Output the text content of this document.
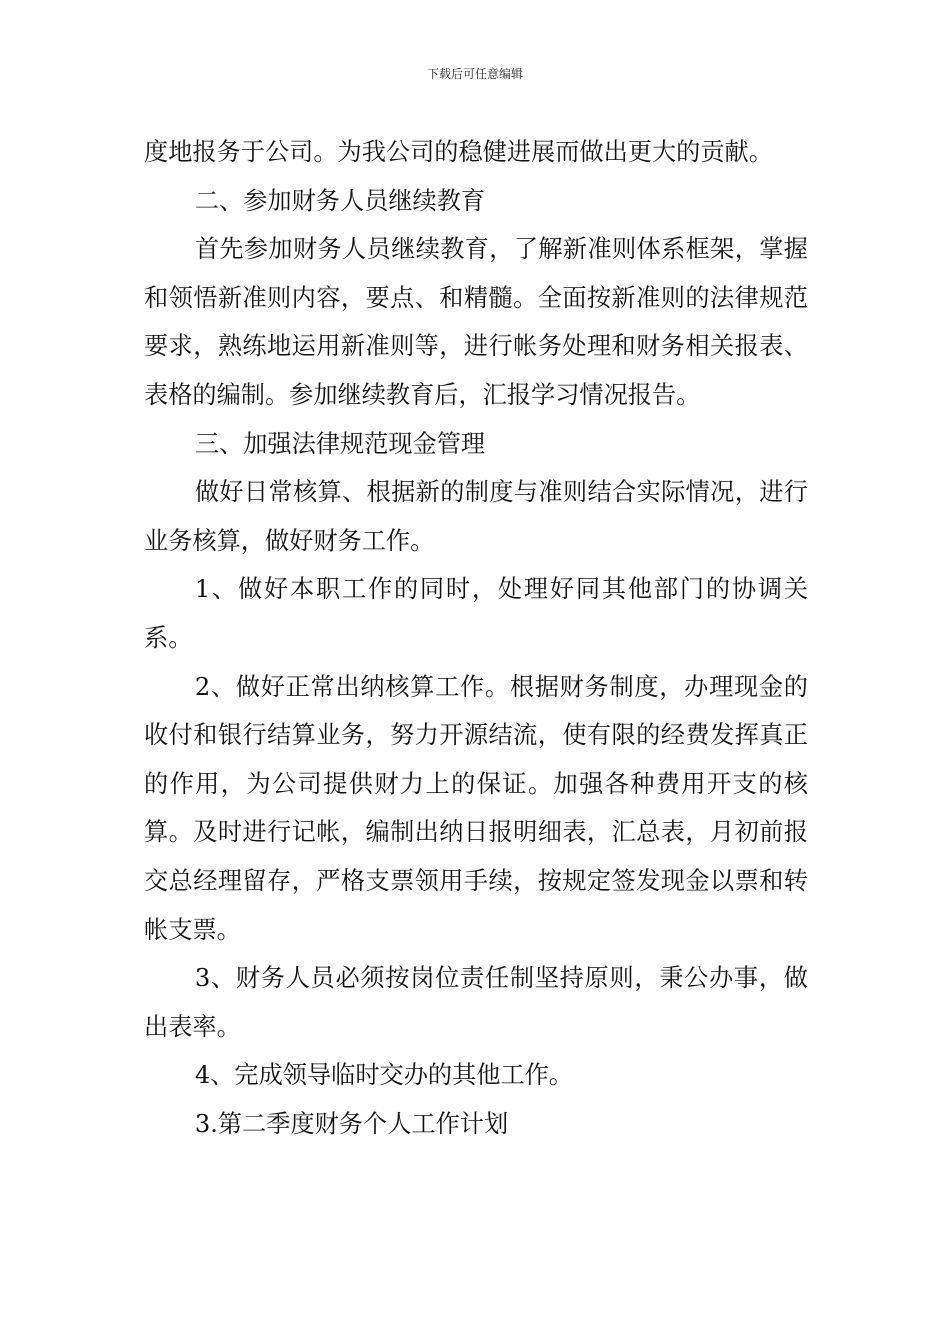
下载后可任意编辑

度地报务于公司。为我公司的稳健进展而做出更大的贡献。

二、参加财务人员继续教育

首先参加财务人员继续教育，了解新准则体系框架，掌握和领悟新准则内容，要点、和精髓。全面按新准则的法律规范要求，熟练地运用新准则等，进行帐务处理和财务相关报表、表格的编制。参加继续教育后，汇报学习情况报告。

三、加强法律规范现金管理

做好日常核算、根据新的制度与准则结合实际情况，进行业务核算，做好财务工作。

1、做好本职工作的同时，处理好同其他部门的协调关系。

2、做好正常出纳核算工作。根据财务制度，办理现金的收付和银行结算业务，努力开源结流，使有限的经费发挥真正的作用，为公司提供财力上的保证。加强各种费用开支的核算。及时进行记帐，编制出纳日报明细表，汇总表，月初前报交总经理留存，严格支票领用手续，按规定签发现金以票和转帐支票。

3、财务人员必须按岗位责任制坚持原则，秉公办事，做出表率。

4、完成领导临时交办的其他工作。

3.第二季度财务个人工作计划
